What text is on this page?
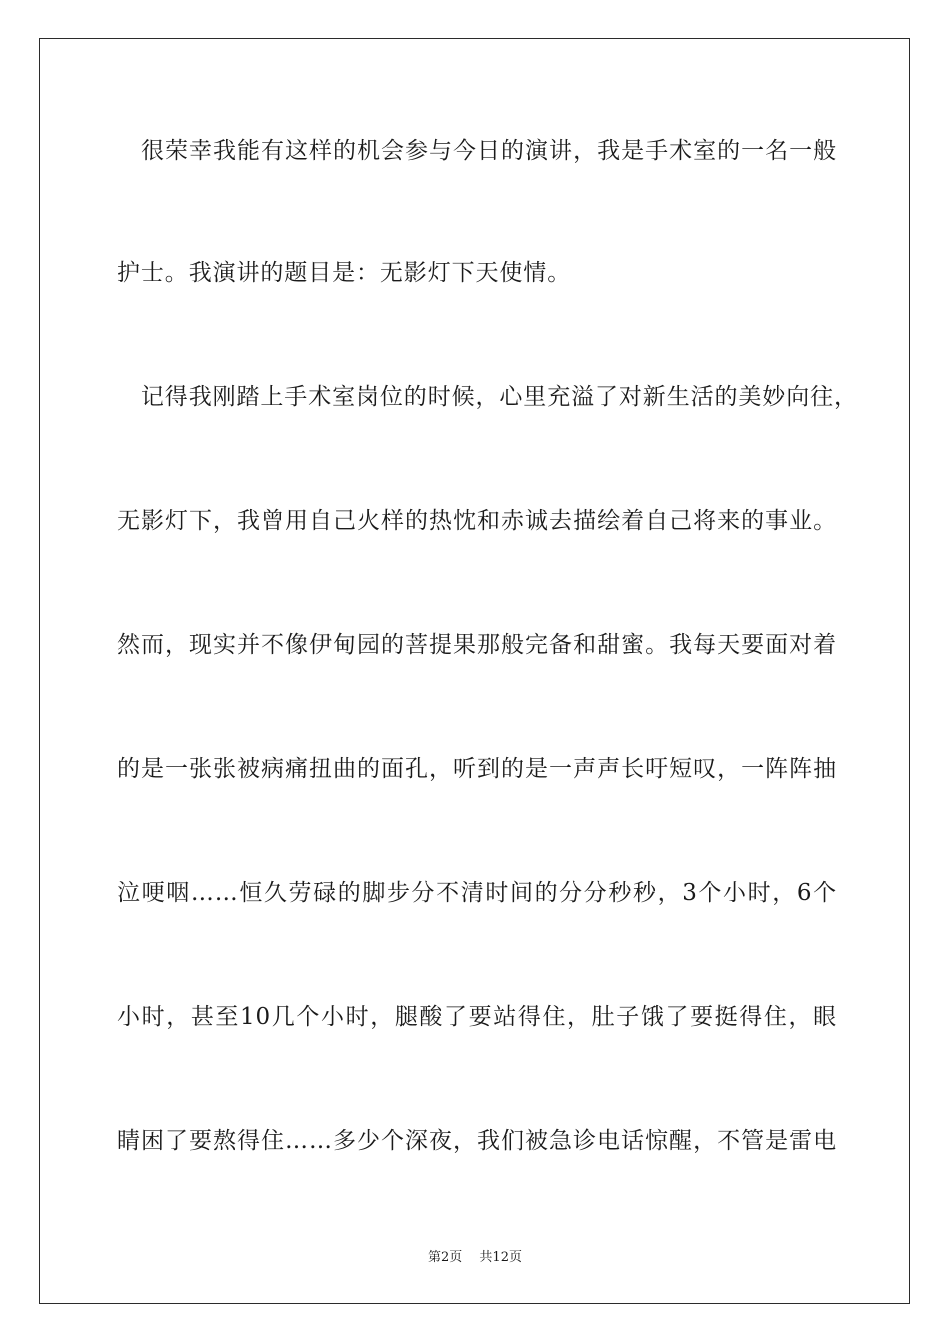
　很荣幸我能有这样的机会参与今日的演讲，我是手术室的一名一般
护士。我演讲的题目是：无影灯下天使情。
　记得我刚踏上手术室岗位的时候，心里充溢了对新生活的美妙向往，
无影灯下，我曾用自己火样的热忱和赤诚去描绘着自己将来的事业。
然而，现实并不像伊甸园的菩提果那般完备和甜蜜。我每天要面对着
的是一张张被病痛扭曲的面孔，听到的是一声声长吁短叹，一阵阵抽
泣哽咽……恒久劳碌的脚步分不清时间的分分秒秒，3个小时，6个
小时，甚至10几个小时，腿酸了要站得住，肚子饿了要挺得住，眼
睛困了要熬得住……多少个深夜，我们被急诊电话惊醒，不管是雷电
第2页　 共12页
